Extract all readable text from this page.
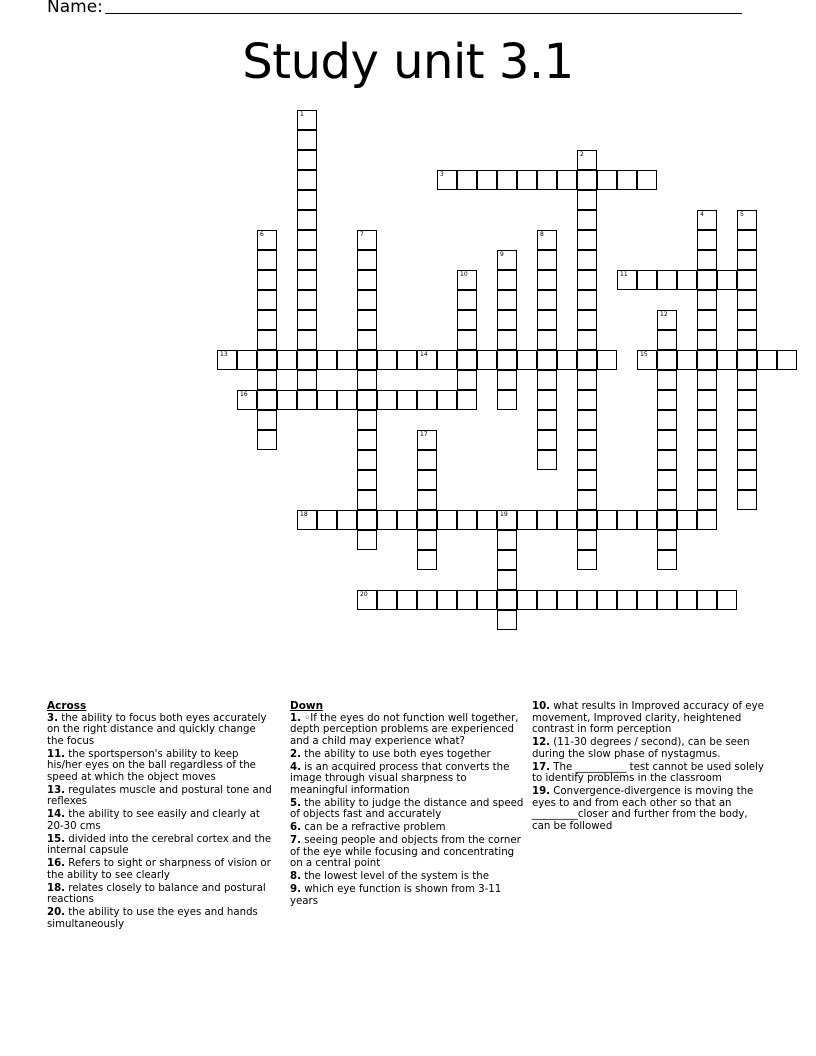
Name:
Study unit 3.1
1
2
3
4	5
6	7	8
9
10	11
12
13	14	15
16
17
18	19
20
Across
3. the ability to focus both eyes accurately on the right distance and quickly change the focus
11. the sportsperson's ability to keep his/her eyes on the ball regardless of the speed at which the object moves
13. regulates muscle and postural tone and reflexes
14. the ability to see easily and clearly at 20-30 cms
15. divided into the cerebral cortex and the internal capsule
16. Refers to sight or sharpness of vision or the ability to see clearly
18. relates closely to balance and postural reactions
20. the ability to use the eyes and hands simultaneously
Down
1. ◦If the eyes do not function well together, depth perception problems are experienced and a child may experience what?
2. the ability to use both eyes together
4. is an acquired process that converts the image through visual sharpness to meaningful information
5. the ability to judge the distance and speed of objects fast and accurately
6. can be a refractive problem
7. seeing people and objects from the corner of the eye while focusing and concentrating on a central point
8. the lowest level of the system is the
9. which eye function is shown from 3-11 years
10. what results in Improved accuracy of eye movement, Improved clarity, heightened contrast in form perception
12. (11-30 degrees / second), can be seen during the slow phase of nystagmus.
17. The __________ test cannot be used solely to identify problems in the classroom
19. Convergence-divergence is moving the eyes to and from each other so that an _________closer and further from the body, can be followed
